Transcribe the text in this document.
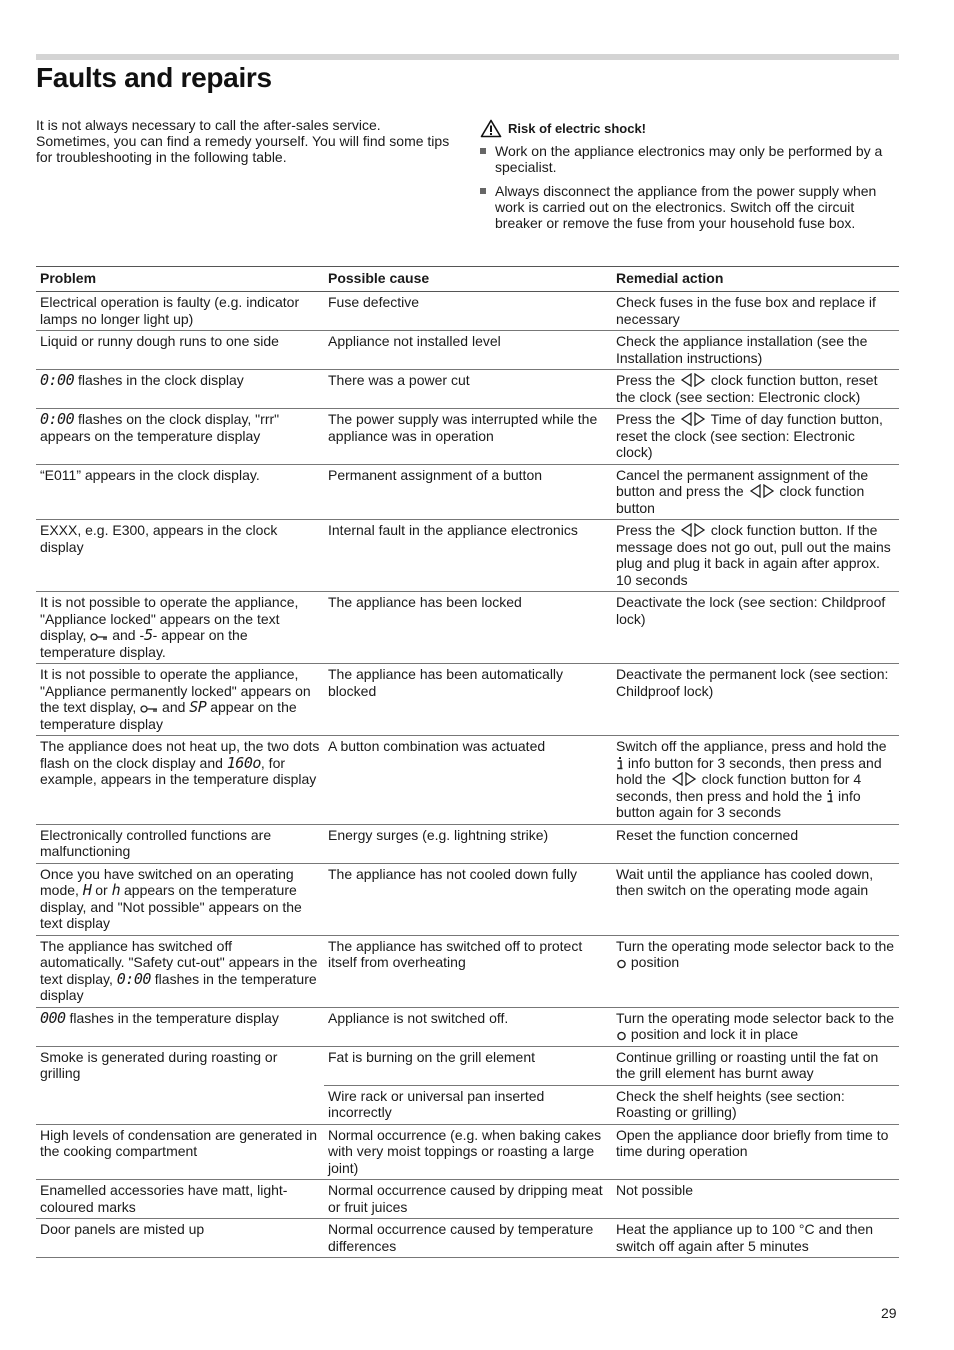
Faults and repairs
It is not always necessary to call the after-sales service. Sometimes, you can find a remedy yourself. You will find some tips for troubleshooting in the following table.
Risk of electric shock!
Work on the appliance electronics may only be performed by a specialist.
Always disconnect the appliance from the power supply when work is carried out on the electronics. Switch off the circuit breaker or remove the fuse from your household fuse box.
Problem	Possible cause	Remedial action
Electrical operation is faulty (e.g. indicator lamps no longer light up)	Fuse defective	Check fuses in the fuse box and replace if necessary
Liquid or runny dough runs to one side	Appliance not installed level	Check the appliance installation (see the Installation instructions)
0:00 flashes in the clock display	There was a power cut	Press the  clock function button, reset the clock (see section: Electronic clock)
0:00 flashes on the clock display, "rrr" appears on the temperature display	The power supply was interrupted while the appliance was in operation	Press the  Time of day function button, reset the clock (see section: Electronic clock)
“E011” appears in the clock display.	Permanent assignment of a button	Cancel the permanent assignment of the button and press the  clock function button
EXXX, e.g. E300, appears in the clock display	Internal fault in the appliance electronics	Press the  clock function button. If the message does not go out, pull out the mains plug and plug it back in again after approx. 10 seconds
It is not possible to operate the appliance, "Appliance locked" appears on the text display,  and -5- appear on the temperature display.	The appliance has been locked	Deactivate the lock (see section: Childproof lock)
It is not possible to operate the appliance, "Appliance permanently locked" appears on the text display,  and SP appear on the temperature display	The appliance has been automatically blocked	Deactivate the permanent lock (see section: Childproof lock)
The appliance does not heat up, the two dots flash on the clock display and 160o, for example, appears in the temperature display	A button combination was actuated	Switch off the appliance, press and hold the  info button for 3 seconds, then press and hold the  clock function button for 4 seconds, then press and hold the  info button again for 3 seconds
Electronically controlled functions are malfunctioning	Energy surges (e.g. lightning strike)	Reset the function concerned
Once you have switched on an operating mode, H or h appears on the temperature display, and "Not possible" appears on the text display	The appliance has not cooled down fully	Wait until the appliance has cooled down, then switch on the operating mode again
The appliance has switched off automatically. "Safety cut-out" appears in the text display, 0:00 flashes in the temperature display	The appliance has switched off to protect itself from overheating	Turn the operating mode selector back to the  position
000 flashes in the temperature display	Appliance is not switched off.	Turn the operating mode selector back to the  position and lock it in place
Smoke is generated during roasting or grilling	Fat is burning on the grill element	Continue grilling or roasting until the fat on the grill element has burnt away
	Wire rack or universal pan inserted incorrectly	Check the shelf heights (see section: Roasting or grilling)
High levels of condensation are generated in the cooking compartment	Normal occurrence (e.g. when baking cakes with very moist toppings or roasting a large joint)	Open the appliance door briefly from time to time during operation
Enamelled accessories have matt, light-coloured marks	Normal occurrence caused by dripping meat or fruit juices	Not possible
Door panels are misted up	Normal occurrence caused by temperature differences	Heat the appliance up to 100 °C and then switch off again after 5 minutes
29
